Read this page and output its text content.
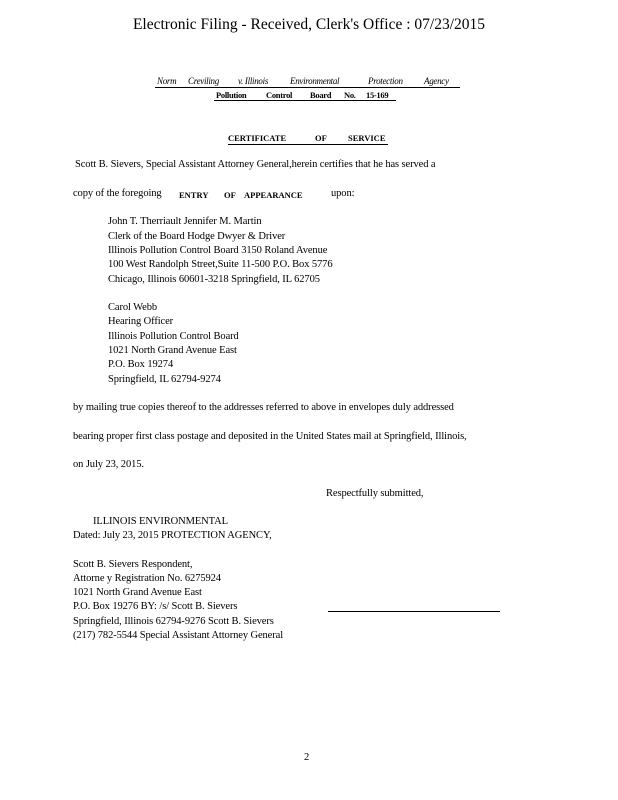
Electronic Filing - Received, Clerk's Office : 07/23/2015
Norm Creviling v. Illinois Environmental	Protection Agency
Pollution Control Board No. 15-169
CERTIFICATE	OF SERVICE
Scott B. Sievers, Special Assistant Attorney General,herein certifies that he has served a
copy of the foregoing ENTRY OF APPEARANCE	upon:
John T. Therriault Jennifer M. Martin
Clerk of the Board Hodge Dwyer & Driver
Illinois Pollution Control Board 3150 Roland Avenue
100 West Randolph Street,Suite 11-500 P.O. Box 5776
Chicago, Illinois 60601-3218 Springfield, IL 62705
Carol Webb
Hearing Officer
Illinois Pollution Control Board
1021 North Grand Avenue East
P.O. Box 19274
Springfield, IL 62794-9274
by mailing true copies thereof to the addresses referred to above in envelopes duly addressed
bearing proper first class postage and deposited in the United States mail at Springfield, Illinois,
on July 23, 2015.
Respectfully submitted,
ILLINOIS ENVIRONMENTAL
Dated: July 23, 2015 PROTECTION AGENCY,
Scott B. Sievers Respondent,
Attorne y Registration No. 6275924
1021 North Grand Avenue East
P.O. Box 19276 BY: /s/ Scott B. Sievers
Springfield, Illinois 62794-9276 Scott B. Sievers
(217) 782-5544 Special Assistant Attorney General
2
